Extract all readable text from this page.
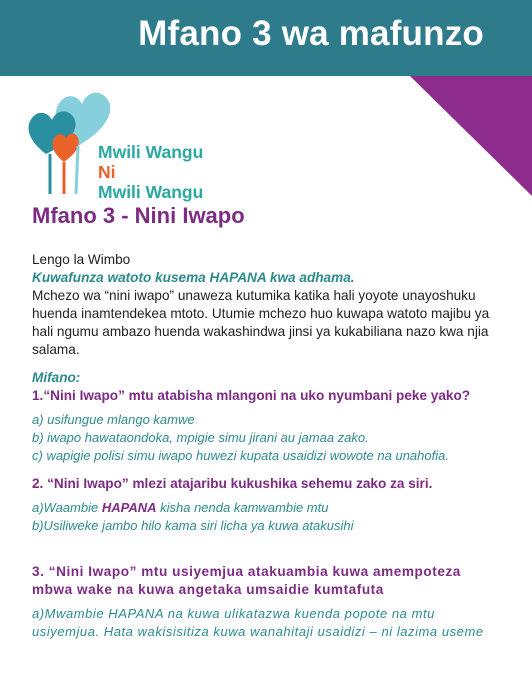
Mfano 3 wa mafunzo
Mwili Wangu
Ni
Mwili Wangu
Mfano 3 - Nini Iwapo

Lengo la Wimbo

Kuwafunza watoto kusema HAPANA kwa adhama.

Mchezo wa “nini iwapo” unaweza kutumika katika hali yoyote unayoshuku huenda inamtendekea mtoto. Utumie mchezo huo kuwapa watoto majibu ya hali ngumu ambazo huenda wakashindwa jinsi ya kukabiliana nazo kwa njia salama.

Mifano:

1.“Nini Iwapo” mtu atabisha mlangoni na uko nyumbani peke yako?

a) usifungue mlango kamwe

b) iwapo hawataondoka, mpigie simu jirani au jamaa zako.

c) wapigie polisi simu iwapo huwezi kupata usaidizi wowote na unahofia.

2. “Nini Iwapo” mlezi atajaribu kukushika sehemu zako za siri.

a)Waambie HAPANA kisha nenda kamwambie mtu

b)Usiliweke jambo hilo kama siri licha ya kuwa atakusihi

3. “Nini Iwapo” mtu usiyemjua atakuambia kuwa amempoteza mbwa wake na kuwa angetaka umsaidie kumtafuta

a)Mwambie HAPANA na kuwa ulikatazwa kuenda popote na mtu usiyemjua. Hata wakisisitiza kuwa wanahitaji usaidizi – ni lazima useme
